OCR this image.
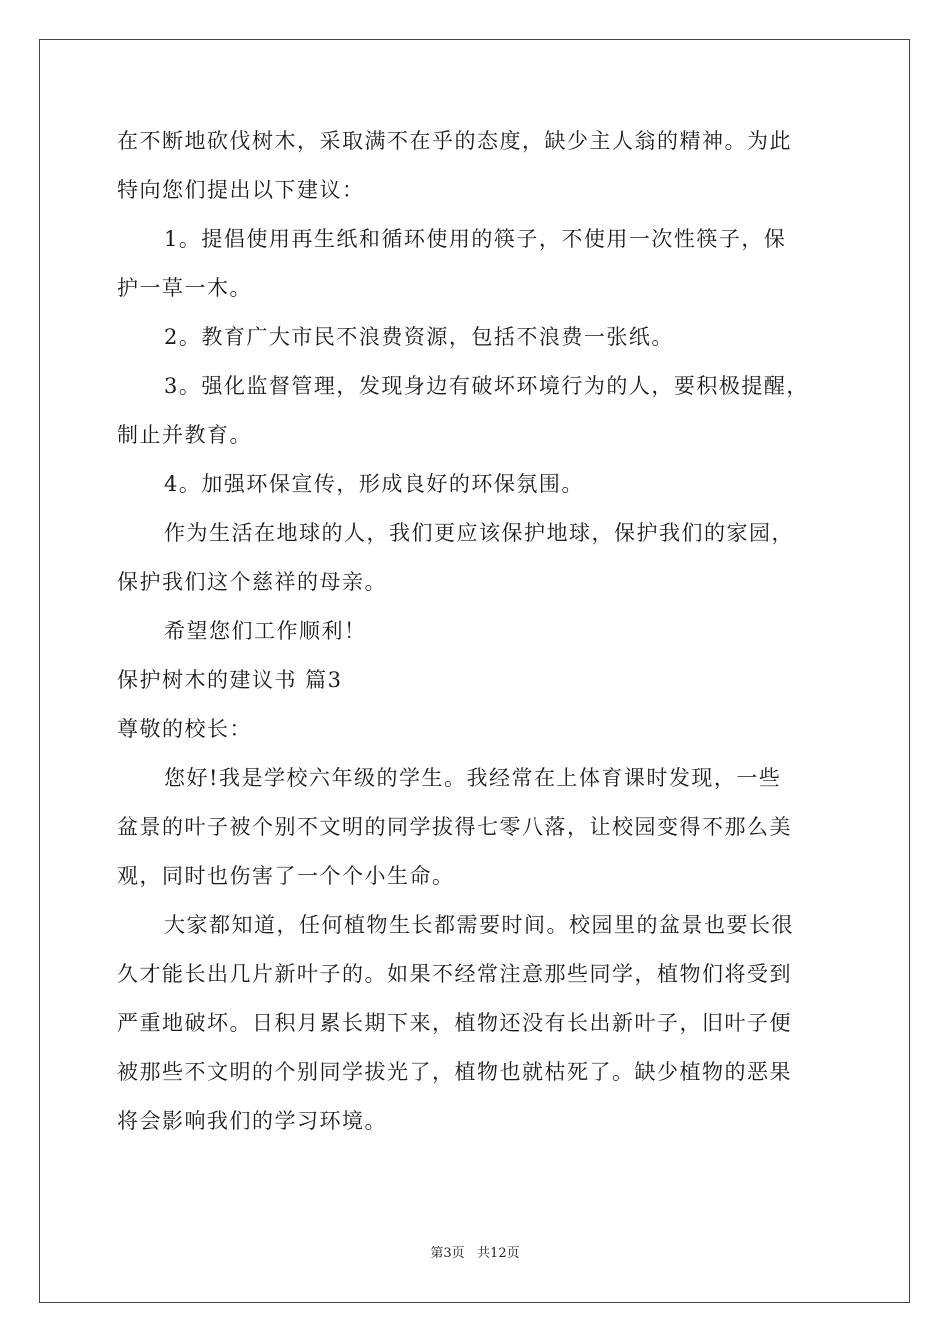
在不断地砍伐树木，采取满不在乎的态度，缺少主人翁的精神。为此
特向您们提出以下建议：
1。提倡使用再生纸和循环使用的筷子，不使用一次性筷子，保
护一草一木。
2。教育广大市民不浪费资源，包括不浪费一张纸。
3。强化监督管理，发现身边有破坏环境行为的人，要积极提醒，
制止并教育。
4。加强环保宣传，形成良好的环保氛围。
作为生活在地球的人，我们更应该保护地球，保护我们的家园，
保护我们这个慈祥的母亲。
希望您们工作顺利！
保护树木的建议书 篇3
尊敬的校长：
您好!我是学校六年级的学生。我经常在上体育课时发现，一些
盆景的叶子被个别不文明的同学拔得七零八落，让校园变得不那么美
观，同时也伤害了一个个小生命。
大家都知道，任何植物生长都需要时间。校园里的盆景也要长很
久才能长出几片新叶子的。如果不经常注意那些同学，植物们将受到
严重地破坏。日积月累长期下来，植物还没有长出新叶子，旧叶子便
被那些不文明的个别同学拔光了，植物也就枯死了。缺少植物的恶果
将会影响我们的学习环境。
第3页   共12页
